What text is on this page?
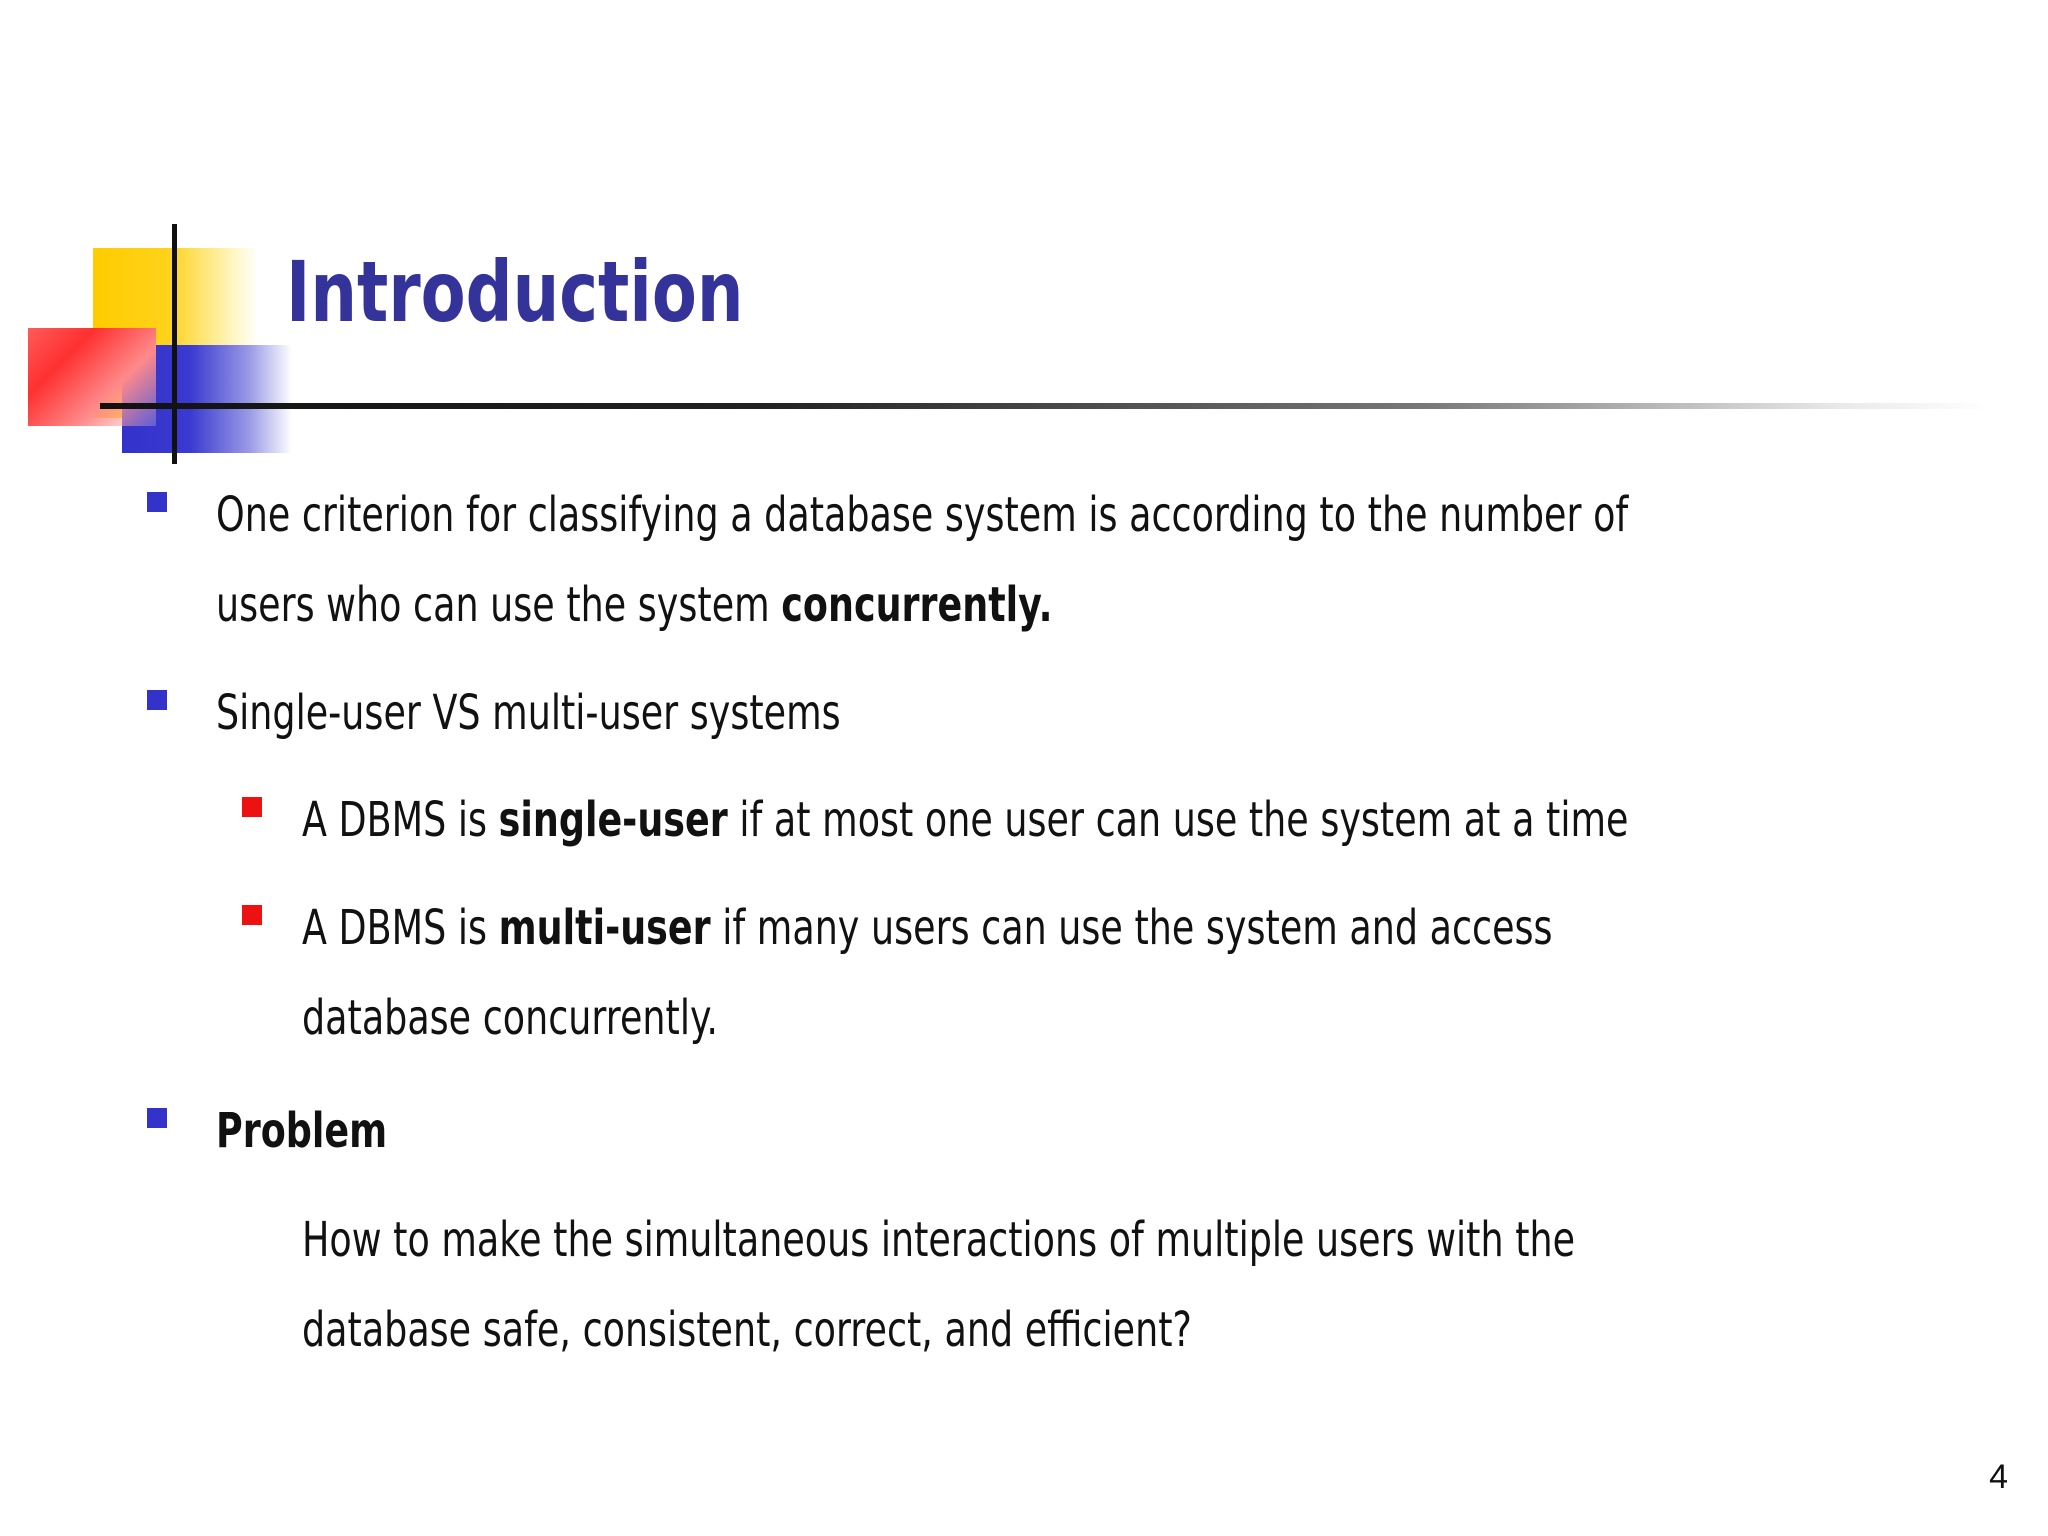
Introduction

One criterion for classifying a database system is according to the number of
users who can use the system concurrently.

Single-user VS multi-user systems

A DBMS is single-user if at most one user can use the system at a time

A DBMS is multi-user if many users can use the system and access
database concurrently.

Problem

How to make the simultaneous interactions of multiple users with the
database safe, consistent, correct, and efficient?

4
